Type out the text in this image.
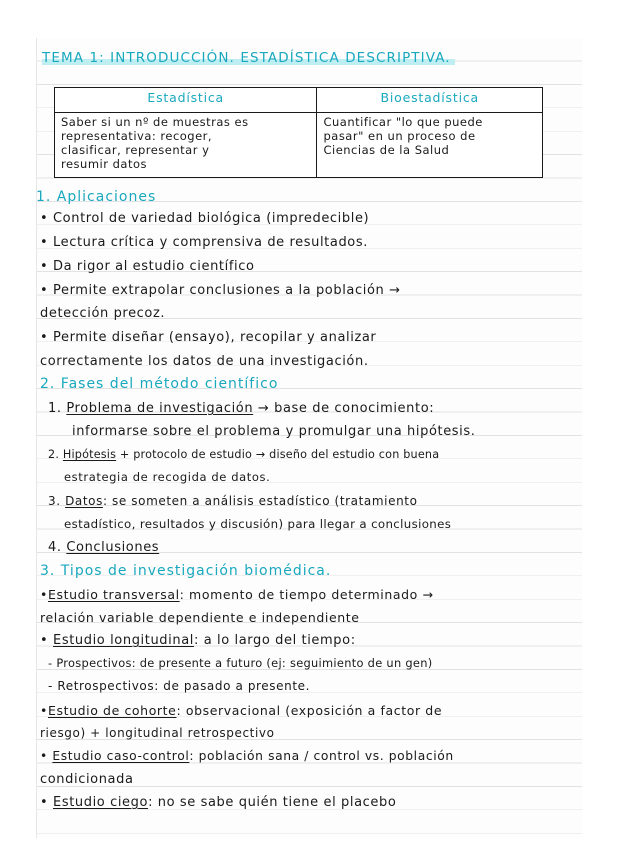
TEMA 1: INTRODUCCIÓN. ESTADÍSTICA DESCRIPTIVA.
Estadística	Bioestadística

Saber si un nº de muestras es
representativa: recoger,
clasificar, representar y
resumir datos	Cuantificar "lo que puede
pasar" en un proceso de
Ciencias de la Salud
1. Aplicaciones
• Control de variedad biológica (impredecible)
• Lectura crítica y comprensiva de resultados.
• Da rigor al estudio científico
• Permite extrapolar conclusiones a la población →
detección precoz.
• Permite diseñar (ensayo), recopilar y analizar
correctamente los datos de una investigación.
2. Fases del método científico
1. Problema de investigación → base de conocimiento:
informarse sobre el problema y promulgar una hipótesis.
2. Hipótesis + protocolo de estudio → diseño del estudio con buena
estrategia de recogida de datos.
3. Datos: se someten a análisis estadístico (tratamiento
estadístico, resultados y discusión) para llegar a conclusiones
4. Conclusiones
3. Tipos de investigación biomédica.
•Estudio transversal: momento de tiempo determinado →
relación variable dependiente e independiente
• Estudio longitudinal: a lo largo del tiempo:
- Prospectivos: de presente a futuro (ej: seguimiento de un gen)
- Retrospectivos: de pasado a presente.
•Estudio de cohorte: observacional (exposición a factor de
riesgo) + longitudinal retrospectivo
• Estudio caso-control: población sana / control vs. población
condicionada
• Estudio ciego: no se sabe quién tiene el placebo
